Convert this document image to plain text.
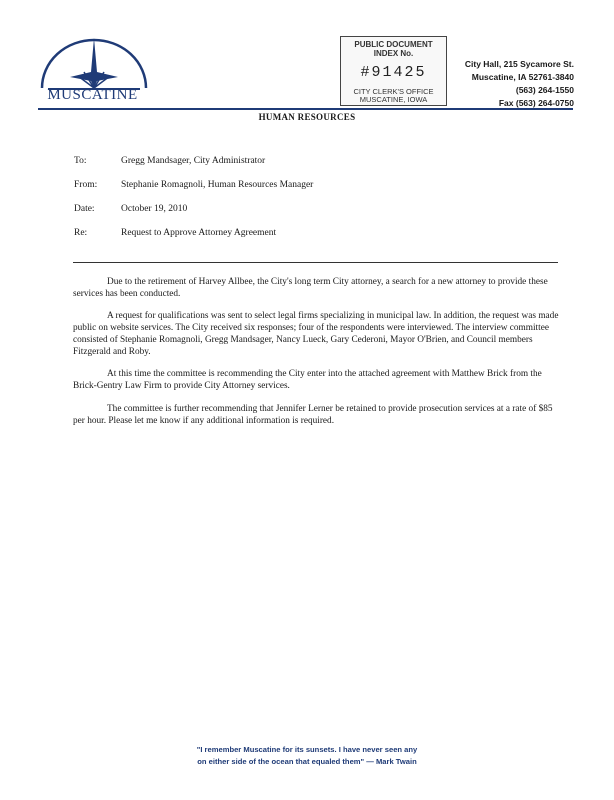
MUSCATINE
PUBLIC DOCUMENT
INDEX No.
#91425
CITY CLERK'S OFFICE
MUSCATINE, IOWA
City Hall, 215 Sycamore St.
Muscatine, IA 52761-3840
(563) 264-1550
Fax (563) 264-0750
HUMAN RESOURCES
To:	Gregg Mandsager, City Administrator
From:	Stephanie Romagnoli, Human Resources Manager
Date:	October 19, 2010
Re:	Request to Approve Attorney Agreement

Due to the retirement of Harvey Allbee, the City's long term City attorney, a search for a new attorney to provide these services has been conducted.

A request for qualifications was sent to select legal firms specializing in municipal law. In addition, the request was made public on website services. The City received six responses; four of the respondents were interviewed. The interview committee consisted of Stephanie Romagnoli, Gregg Mandsager, Nancy Lueck, Gary Cederoni, Mayor O'Brien, and Council members Fitzgerald and Roby.

At this time the committee is recommending the City enter into the attached agreement with Matthew Brick from the Brick-Gentry Law Firm to provide City Attorney services.

The committee is further recommending that Jennifer Lerner be retained to provide prosecution services at a rate of $85 per hour. Please let me know if any additional information is required.

"I remember Muscatine for its sunsets. I have never seen any
on either side of the ocean that equaled them" — Mark Twain
